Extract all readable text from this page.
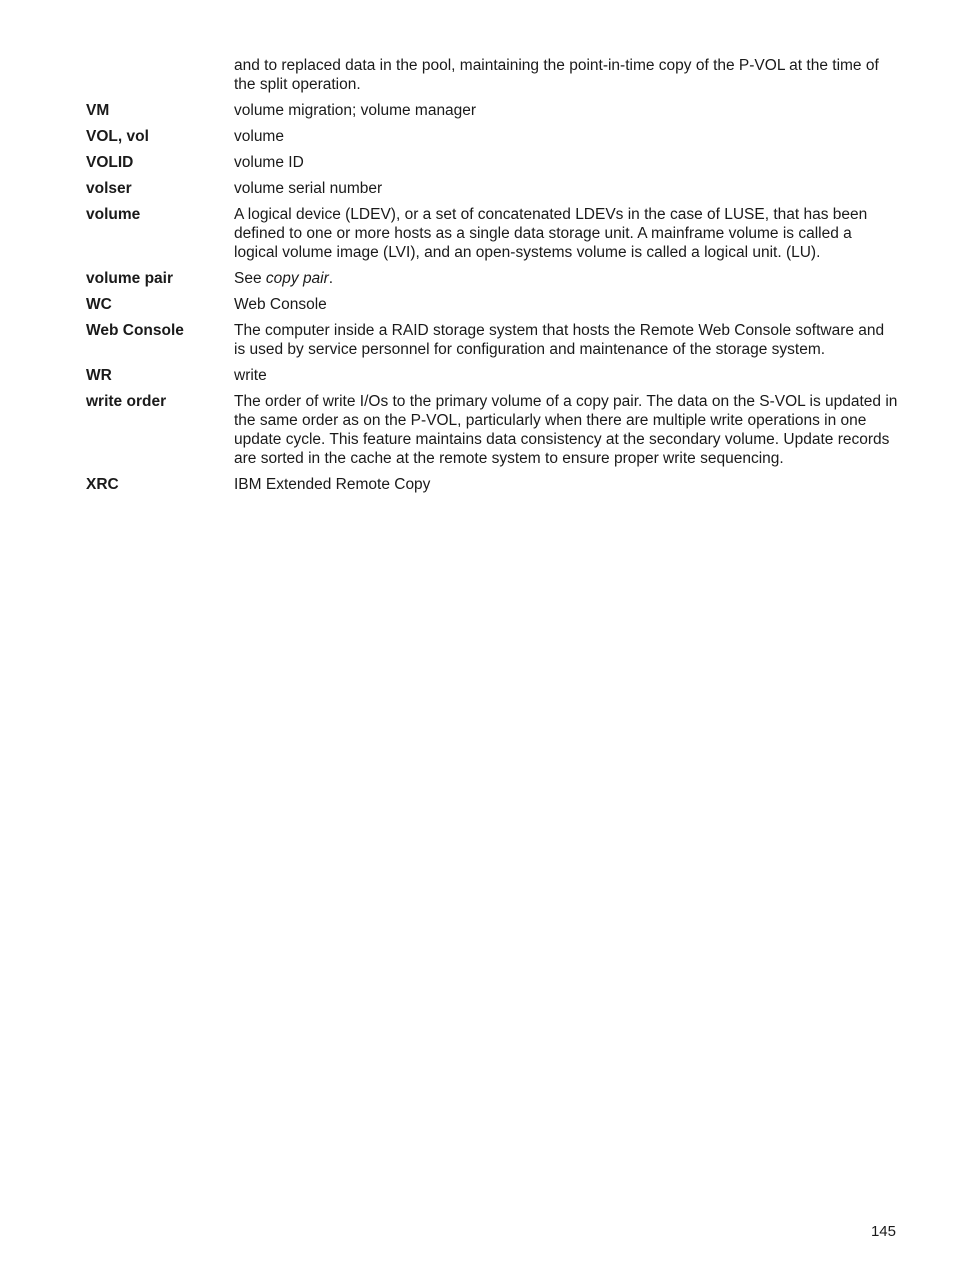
and to replaced data in the pool, maintaining the point-in-time copy of the P-VOL at the time of the split operation.
VM	volume migration; volume manager
VOL, vol	volume
VOLID	volume ID
volser	volume serial number
volume	A logical device (LDEV), or a set of concatenated LDEVs in the case of LUSE, that has been defined to one or more hosts as a single data storage unit. A mainframe volume is called a logical volume image (LVI), and an open-systems volume is called a logical unit. (LU).
volume pair	See copy pair.
WC	Web Console
Web Console	The computer inside a RAID storage system that hosts the Remote Web Console software and is used by service personnel for configuration and maintenance of the storage system.
WR	write
write order	The order of write I/Os to the primary volume of a copy pair. The data on the S-VOL is updated in the same order as on the P-VOL, particularly when there are multiple write operations in one update cycle. This feature maintains data consistency at the secondary volume. Update records are sorted in the cache at the remote system to ensure proper write sequencing.
XRC	IBM Extended Remote Copy
145
